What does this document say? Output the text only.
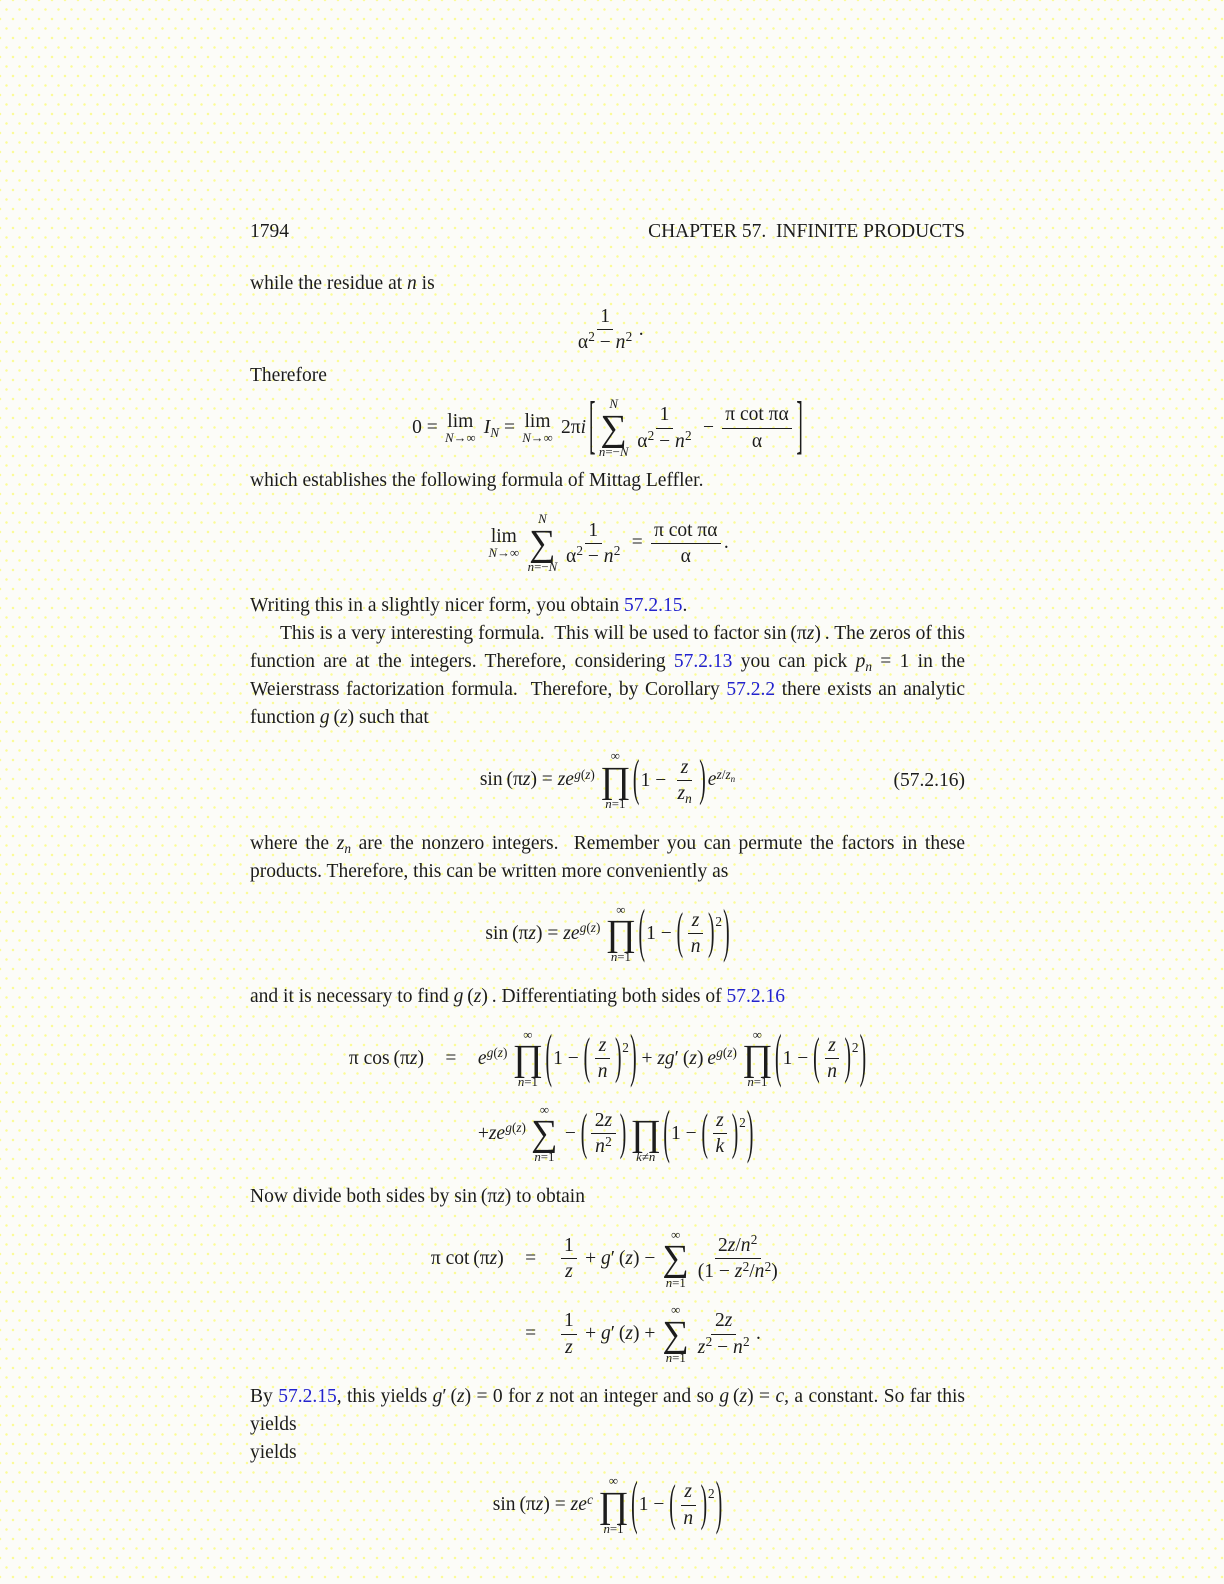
1794	CHAPTER 57.  INFINITE PRODUCTS

while the residue at n is

$\frac{1}{\alpha^2 - n^2}$ .

Therefore

0 = lim
N→∞ $I_N = \lim$
N→∞ 2πi [ N
∑
$n=-N \frac{1}{\alpha^2 - n^2} - \frac{\text{π cot πα}}{\alpha}$ ]

which establishes the following formula of Mittag Leffler.

lim
N→∞
N
∑
$n=-N \frac{1}{\alpha^2 - n^2} = \frac{\text{π cot πα}}{\alpha}$ .

Writing this in a slightly nicer form, you obtain 57.2.15.

This is a very interesting formula.  This will be used to factor sin (πz) . The zeros of this function are at the integers. Therefore, considering 57.2.13 you can pick $p_n = 1$ in the Weierstrass factorization formula.  Therefore, by Corollary 57.2.2 there exists an analytic function g (z) such that

$\sin (\pi z) = ze^{g(z)}$
∞
∏
n=1 ( $1 - \frac{z}{z_n}$ ) $e^{z/z_n}$	(57.2.16)

where the $z_n$ are the nonzero integers.  Remember you can permute the factors in these products. Therefore, this can be written more conveniently as

$\sin (\pi z) = ze^{g(z)}$
∞
∏
n=1 ( 1 − ( $\frac{z}{n}$ ) $^2$ )

and it is necessary to find g (z) . Differentiating both sides of 57.2.16

π cos (πz)	=	$e^{g(z)}$
∞
∏
n=1 ( 1 − ( $\frac{z}{n}$ ) $^2$ ) + zg′ (z) $e^{g(z)}$
∞
∏
n=1 ( 1 − ( $\frac{z}{n}$ ) $^2$ )
$+ze^{g(z)}$
∞
∑
n=1
− ( $\frac{2z}{n^2}$ )
∏
k≠n ( 1 − ( $\frac{z}{k}$ ) $^2$ )

Now divide both sides by sin (πz) to obtain

π cot (πz)	=	$\frac{1}{z} + g'$ (z) −
∞
∑
$n=1 \frac{2z/n^2}{(1 - z^2/n^2)}$
=	$\frac{1}{z} + g'$ (z) +
∞
∑
$n=1 \frac{2z}{z^2 - n^2}$ .

By 57.2.15, this yields g′ (z) = 0 for z not an integer and so g (z) = c, a constant. So far this yields

yields

$\sin (\pi z) = ze^c$
∞
∏
n=1 ( 1 − ( $\frac{z}{n}$ ) $^2$ )
